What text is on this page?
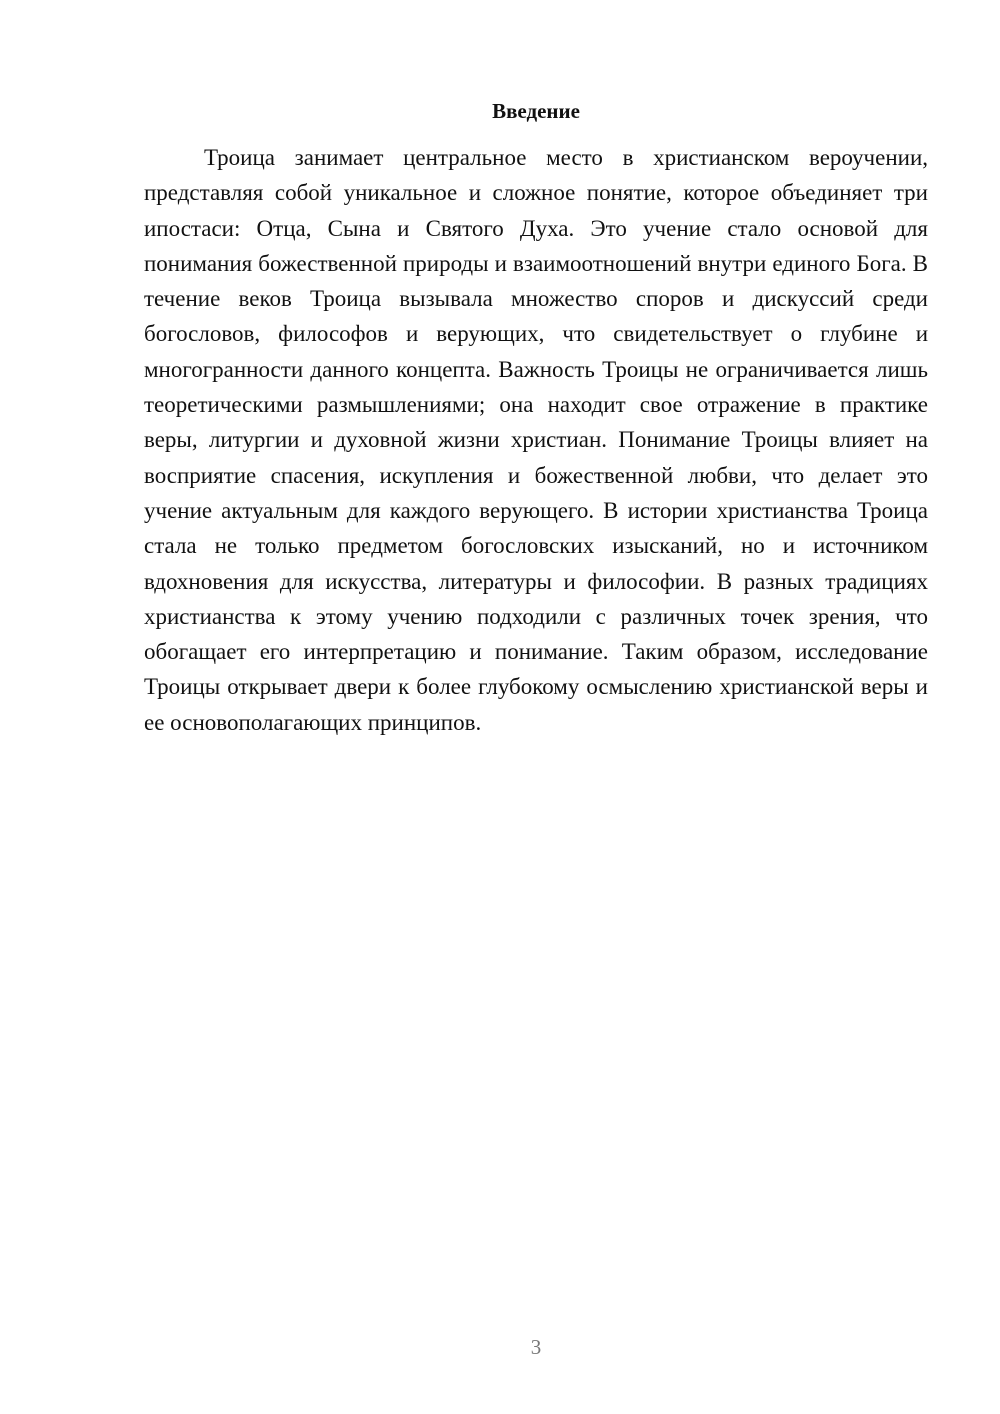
Введение

Троица занимает центральное место в христианском вероучении, представляя собой уникальное и сложное понятие, которое объединяет три ипостаси: Отца, Сына и Святого Духа. Это учение стало основой для понимания божественной природы и взаимоотношений внутри единого Бога. В течение веков Троица вызывала множество споров и дискуссий среди богословов, философов и верующих, что свидетельствует о глубине и многогранности данного концепта. Важность Троицы не ограничивается лишь теоретическими размышлениями; она находит свое отражение в практике веры, литургии и духовной жизни христиан. Понимание Троицы влияет на восприятие спасения, искупления и божественной любви, что делает это учение актуальным для каждого верующего. В истории христианства Троица стала не только предметом богословских изысканий, но и источником вдохновения для искусства, литературы и философии. В разных традициях христианства к этому учению подходили с различных точек зрения, что обогащает его интерпретацию и понимание. Таким образом, исследование Троицы открывает двери к более глубокому осмыслению христианской веры и ее основополагающих принципов.

3
